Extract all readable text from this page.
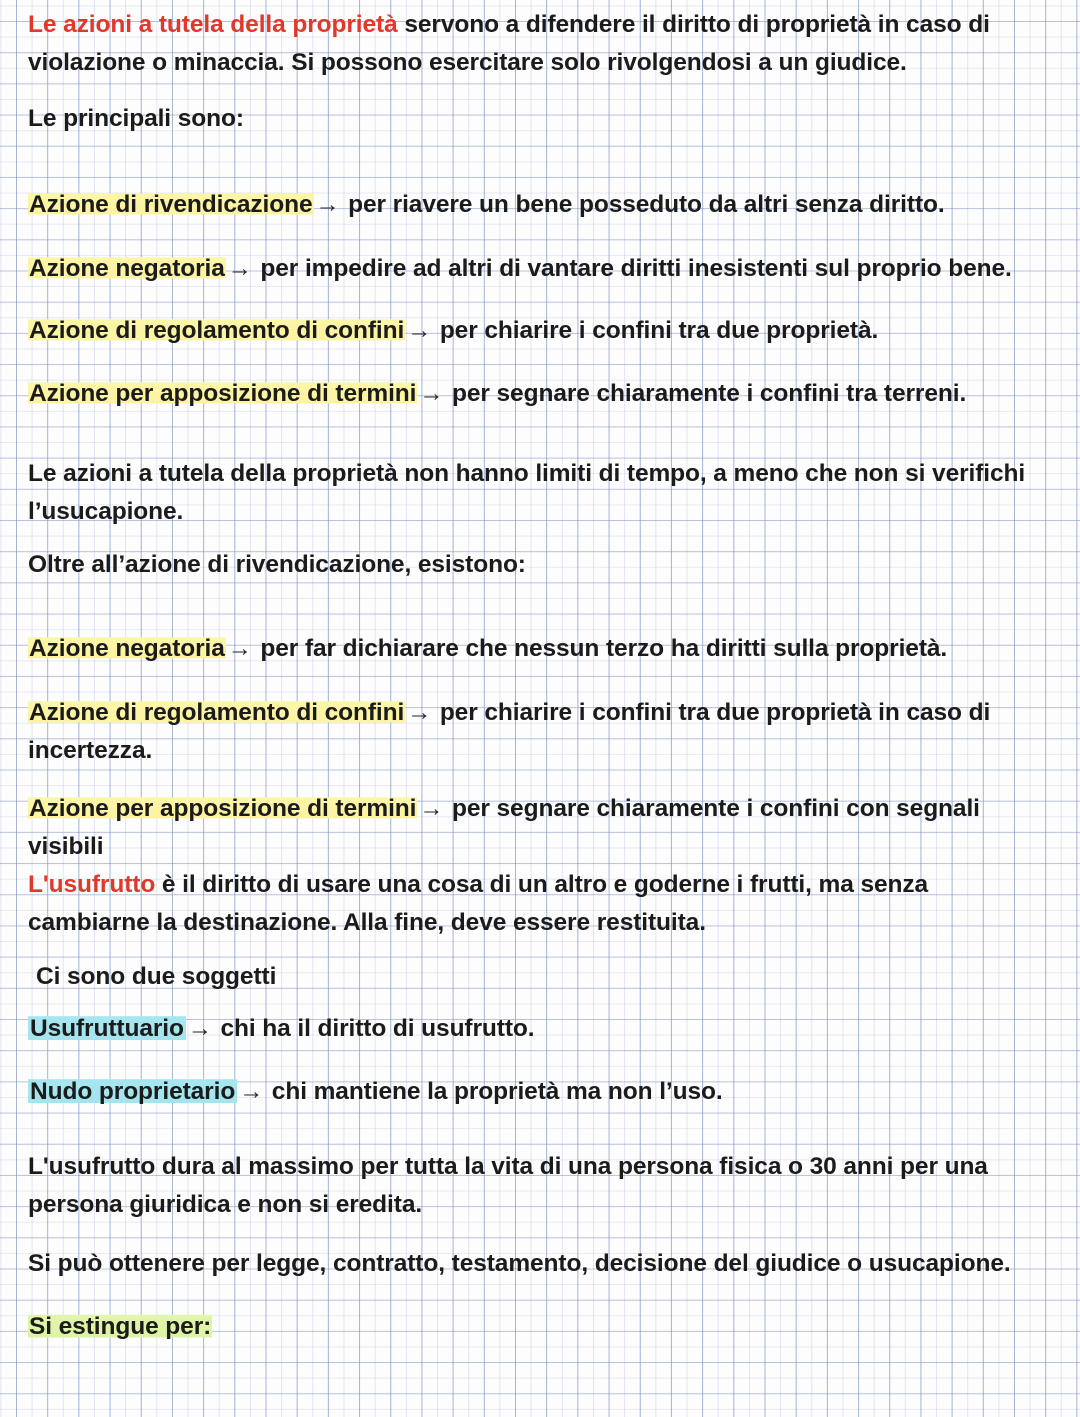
Le azioni a tutela della proprietà servono a difendere il diritto di proprietà in caso di violazione o minaccia. Si possono esercitare solo rivolgendosi a un giudice.
Le principali sono:
Azione di rivendicazione → per riavere un bene posseduto da altri senza diritto.
Azione negatoria → per impedire ad altri di vantare diritti inesistenti sul proprio bene.
Azione di regolamento di confini → per chiarire i confini tra due proprietà.
Azione per apposizione di termini → per segnare chiaramente i confini tra terreni.
Le azioni a tutela della proprietà non hanno limiti di tempo, a meno che non si verifichi l’usucapione.
Oltre all’azione di rivendicazione, esistono:
Azione negatoria → per far dichiarare che nessun terzo ha diritti sulla proprietà.
Azione di regolamento di confini → per chiarire i confini tra due proprietà in caso di incertezza.
Azione per apposizione di termini → per segnare chiaramente i confini con segnali visibili
L'usufrutto è il diritto di usare una cosa di un altro e goderne i frutti, ma senza cambiarne la destinazione. Alla fine, deve essere restituita.
Ci sono due soggetti
Usufruttuario → chi ha il diritto di usufrutto.
Nudo proprietario → chi mantiene la proprietà ma non l’uso.
L'usufrutto dura al massimo per tutta la vita di una persona fisica o 30 anni per una persona giuridica e non si eredita.
Si può ottenere per legge, contratto, testamento, decisione del giudice o usucapione.
Si estingue per:
